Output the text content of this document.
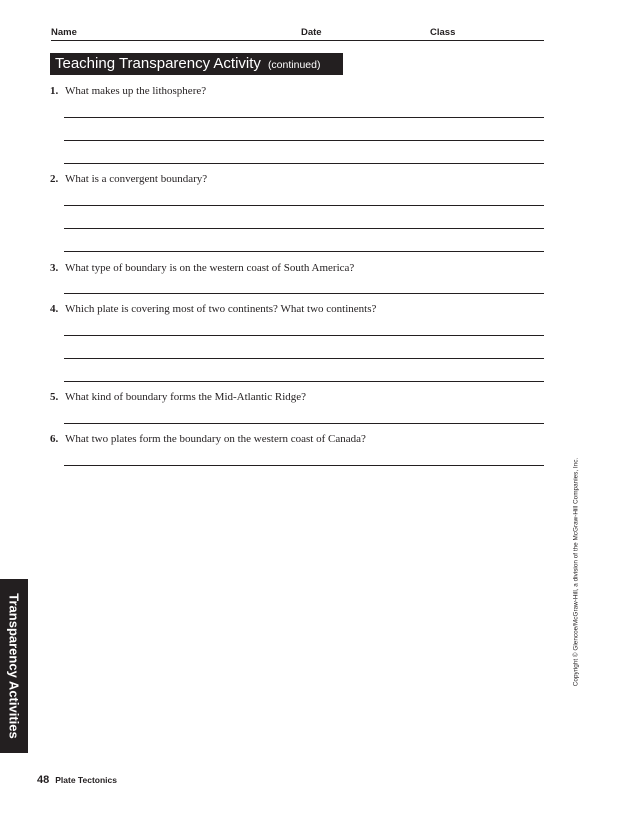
Name	Date	Class
Teaching Transparency Activity (continued)
1. What makes up the lithosphere?
2. What is a convergent boundary?
3. What type of boundary is on the western coast of South America?
4. Which plate is covering most of two continents? What two continents?
5. What kind of boundary forms the Mid-Atlantic Ridge?
6. What two plates form the boundary on the western coast of Canada?
Copyright © Glencoe/McGraw-Hill, a division of the McGraw-Hill Companies, Inc.
Transparency Activities
48 Plate Tectonics
